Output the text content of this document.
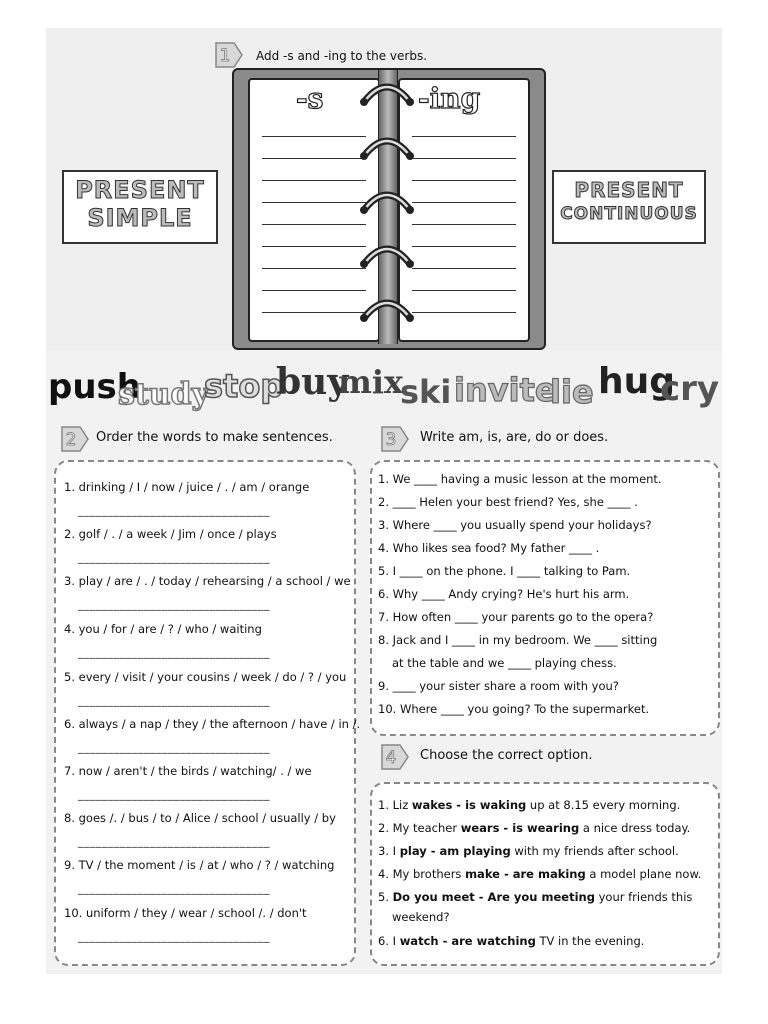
1 Add -s and -ing to the verbs.
PRESENT
SIMPLE
PRESENT
CONTINUOUS
-s	-ing
push
study
stop
buy
mix
ski invite
lie hug
cry
2 Order the words to make sentences.
1. drinking / I / now / juice / . / am / orange
________________________________
2. golf / . / a week / Jim / once / plays
________________________________
3. play / are / . / today / rehearsing / a school / we
________________________________
4. you / for / are / ? / who / waiting
________________________________
5. every / visit / your cousins / week / do / ? / you
________________________________
6. always / a nap / they / the afternoon / have / in /.
________________________________
7. now / aren't / the birds / watching/ . / we
________________________________
8. goes /. / bus / to / Alice / school / usually / by
________________________________
9. TV / the moment / is / at / who / ? / watching
________________________________
10. uniform / they / wear / school /. / don't
________________________________
3 Write am, is, are, do or does.
1. We ____ having a music lesson at the moment.
2. ____ Helen your best friend? Yes, she ____ .
3. Where ____ you usually spend your holidays?
4. Who likes sea food? My father ____ .
5. I ____ on the phone. I ____ talking to Pam.
6. Why ____ Andy crying? He's hurt his arm.
7. How often ____ your parents go to the opera?
8. Jack and I ____ in my bedroom. We ____ sitting
at the table and we ____ playing chess.
9. ____ your sister share a room with you?
10. Where ____ you going? To the supermarket.
4 Choose the correct option.
1. Liz wakes - is waking up at 8.15 every morning.
2. My teacher wears - is wearing a nice dress today.
3. I play - am playing with my friends after school.
4. My brothers make - are making a model plane now.
5. Do you meet - Are you meeting your friends this
weekend?
6. I watch - are watching TV in the evening.
